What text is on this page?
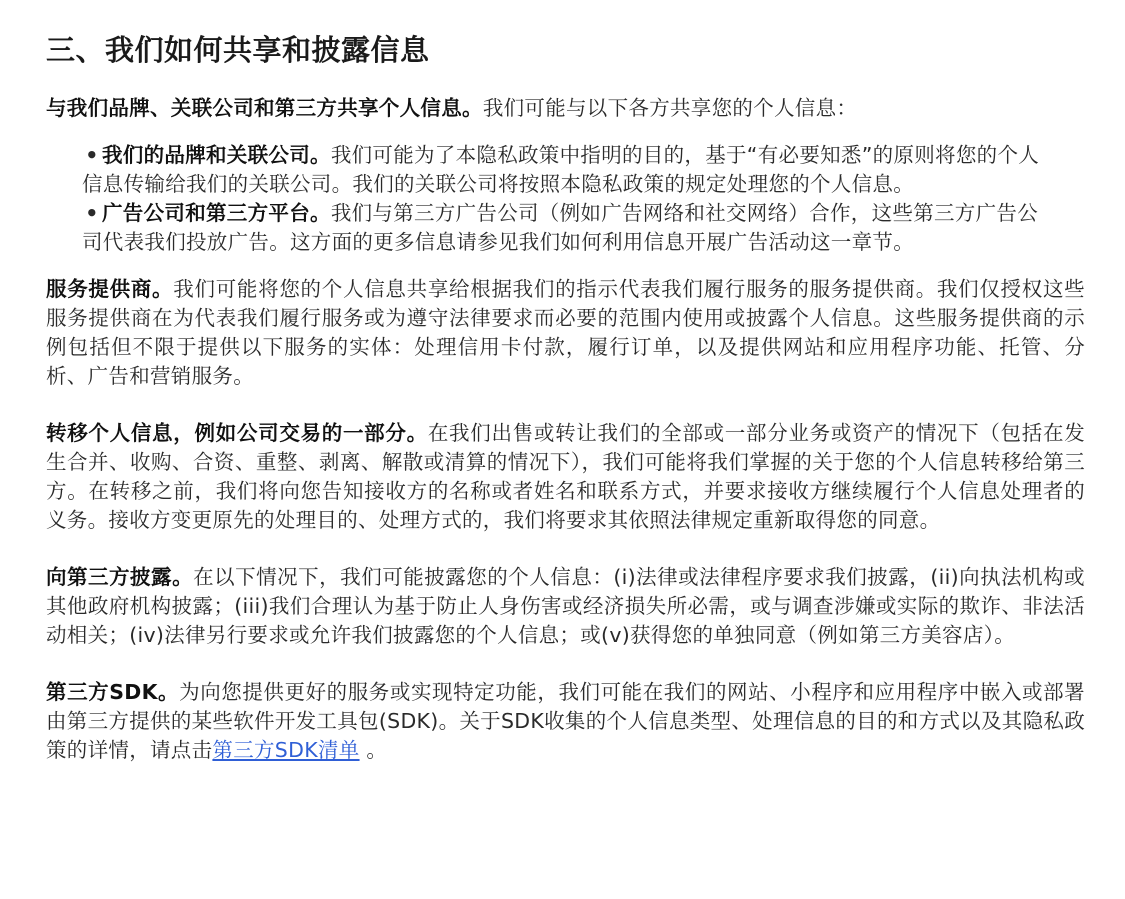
三、我们如何共享和披露信息

与我们品牌、关联公司和第三方共享个人信息。我们可能与以下各方共享您的个人信息：

• 我们的品牌和关联公司。我们可能为了本隐私政策中指明的目的，基于“有必要知悉”的原则将您的个人信息传输给我们的关联公司。我们的关联公司将按照本隐私政策的规定处理您的个人信息。
• 广告公司和第三方平台。我们与第三方广告公司（例如广告网络和社交网络）合作，这些第三方广告公司代表我们投放广告。这方面的更多信息请参见我们如何利用信息开展广告活动这一章节。

服务提供商。我们可能将您的个人信息共享给根据我们的指示代表我们履行服务的服务提供商。我们仅授权这些服务提供商在为代表我们履行服务或为遵守法律要求而必要的范围内使用或披露个人信息。这些服务提供商的示例包括但不限于提供以下服务的实体：处理信用卡付款，履行订单，以及提供网站和应用程序功能、托管、分析、广告和营销服务。

转移个人信息，例如公司交易的一部分。在我们出售或转让我们的全部或一部分业务或资产的情况下（包括在发生合并、收购、合资、重整、剥离、解散或清算的情况下），我们可能将我们掌握的关于您的个人信息转移给第三方。在转移之前，我们将向您告知接收方的名称或者姓名和联系方式，并要求接收方继续履行个人信息处理者的义务。接收方变更原先的处理目的、处理方式的，我们将要求其依照法律规定重新取得您的同意。

向第三方披露。在以下情况下，我们可能披露您的个人信息：(i)法律或法律程序要求我们披露，(ii)向执法机构或其他政府机构披露；(iii)我们合理认为基于防止人身伤害或经济损失所必需，或与调查涉嫌或实际的欺诈、非法活动相关；(iv)法律另行要求或允许我们披露您的个人信息；或(v)获得您的单独同意（例如第三方美容店）。

第三方SDK。为向您提供更好的服务或实现特定功能，我们可能在我们的网站、小程序和应用程序中嵌入或部署由第三方提供的某些软件开发工具包(SDK)。关于SDK收集的个人信息类型、处理信息的目的和方式以及其隐私政策的详情，请点击第三方SDK清单 。
